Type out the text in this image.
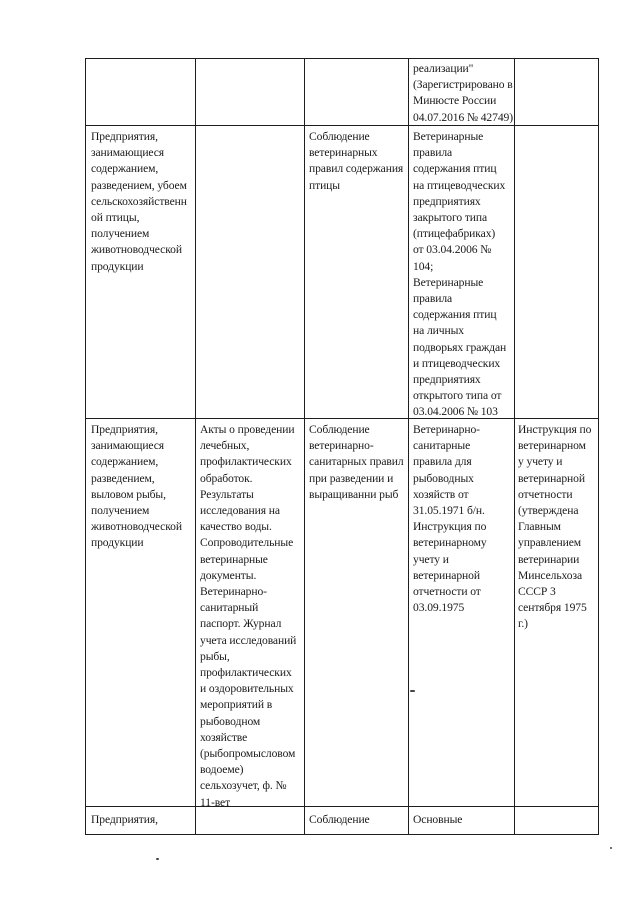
реализации"
(Зарегистрировано в
Минюсте России
04.07.2016 № 42749)
Предприятия,
занимающиеся
содержанием,
разведением, убоем
сельскохозяйственн
ой птицы,
получением
животноводческой
продукции
Соблюдение
ветеринарных
правил содержания
птицы
Ветеринарные
правила
содержания птиц
на птицеводческих
предприятиях
закрытого типа
(птицефабриках)
от 03.04.2006 №
104;
Ветеринарные
правила
содержания птиц
на личных
подворьях граждан
и птицеводческих
предприятиях
открытого типа от
03.04.2006 № 103
Предприятия,
занимающиеся
содержанием,
разведением,
выловом рыбы,
получением
животноводческой
продукции
Акты о проведении
лечебных,
профилактических
обработок.
Результаты
исследования на
качество воды.
Сопроводительные
ветеринарные
документы.
Ветеринарно-
санитарный
паспорт. Журнал
учета исследований
рыбы,
профилактических
и оздоровительных
мероприятий в
рыбоводном
хозяйстве
(рыбопромысловом
водоеме)
сельхозучет, ф. №
11-вет
Соблюдение
ветеринарно-
санитарных правил
при разведении и
выращиванни рыб
Ветеринарно-
санитарные
правила для
рыбоводных
хозяйств от
31.05.1971 б/н.
Инструкция по
ветеринарному
учету и
ветеринарной
отчетности от
03.09.1975
Инструкция по
ветеринарном
у учету и
ветеринарной
отчетности
(утверждена
Главным
управлением
ветеринарии
Минсельхоза
СССР 3
сентября 1975
г.)
Предприятия,	Соблюдение	Основные
